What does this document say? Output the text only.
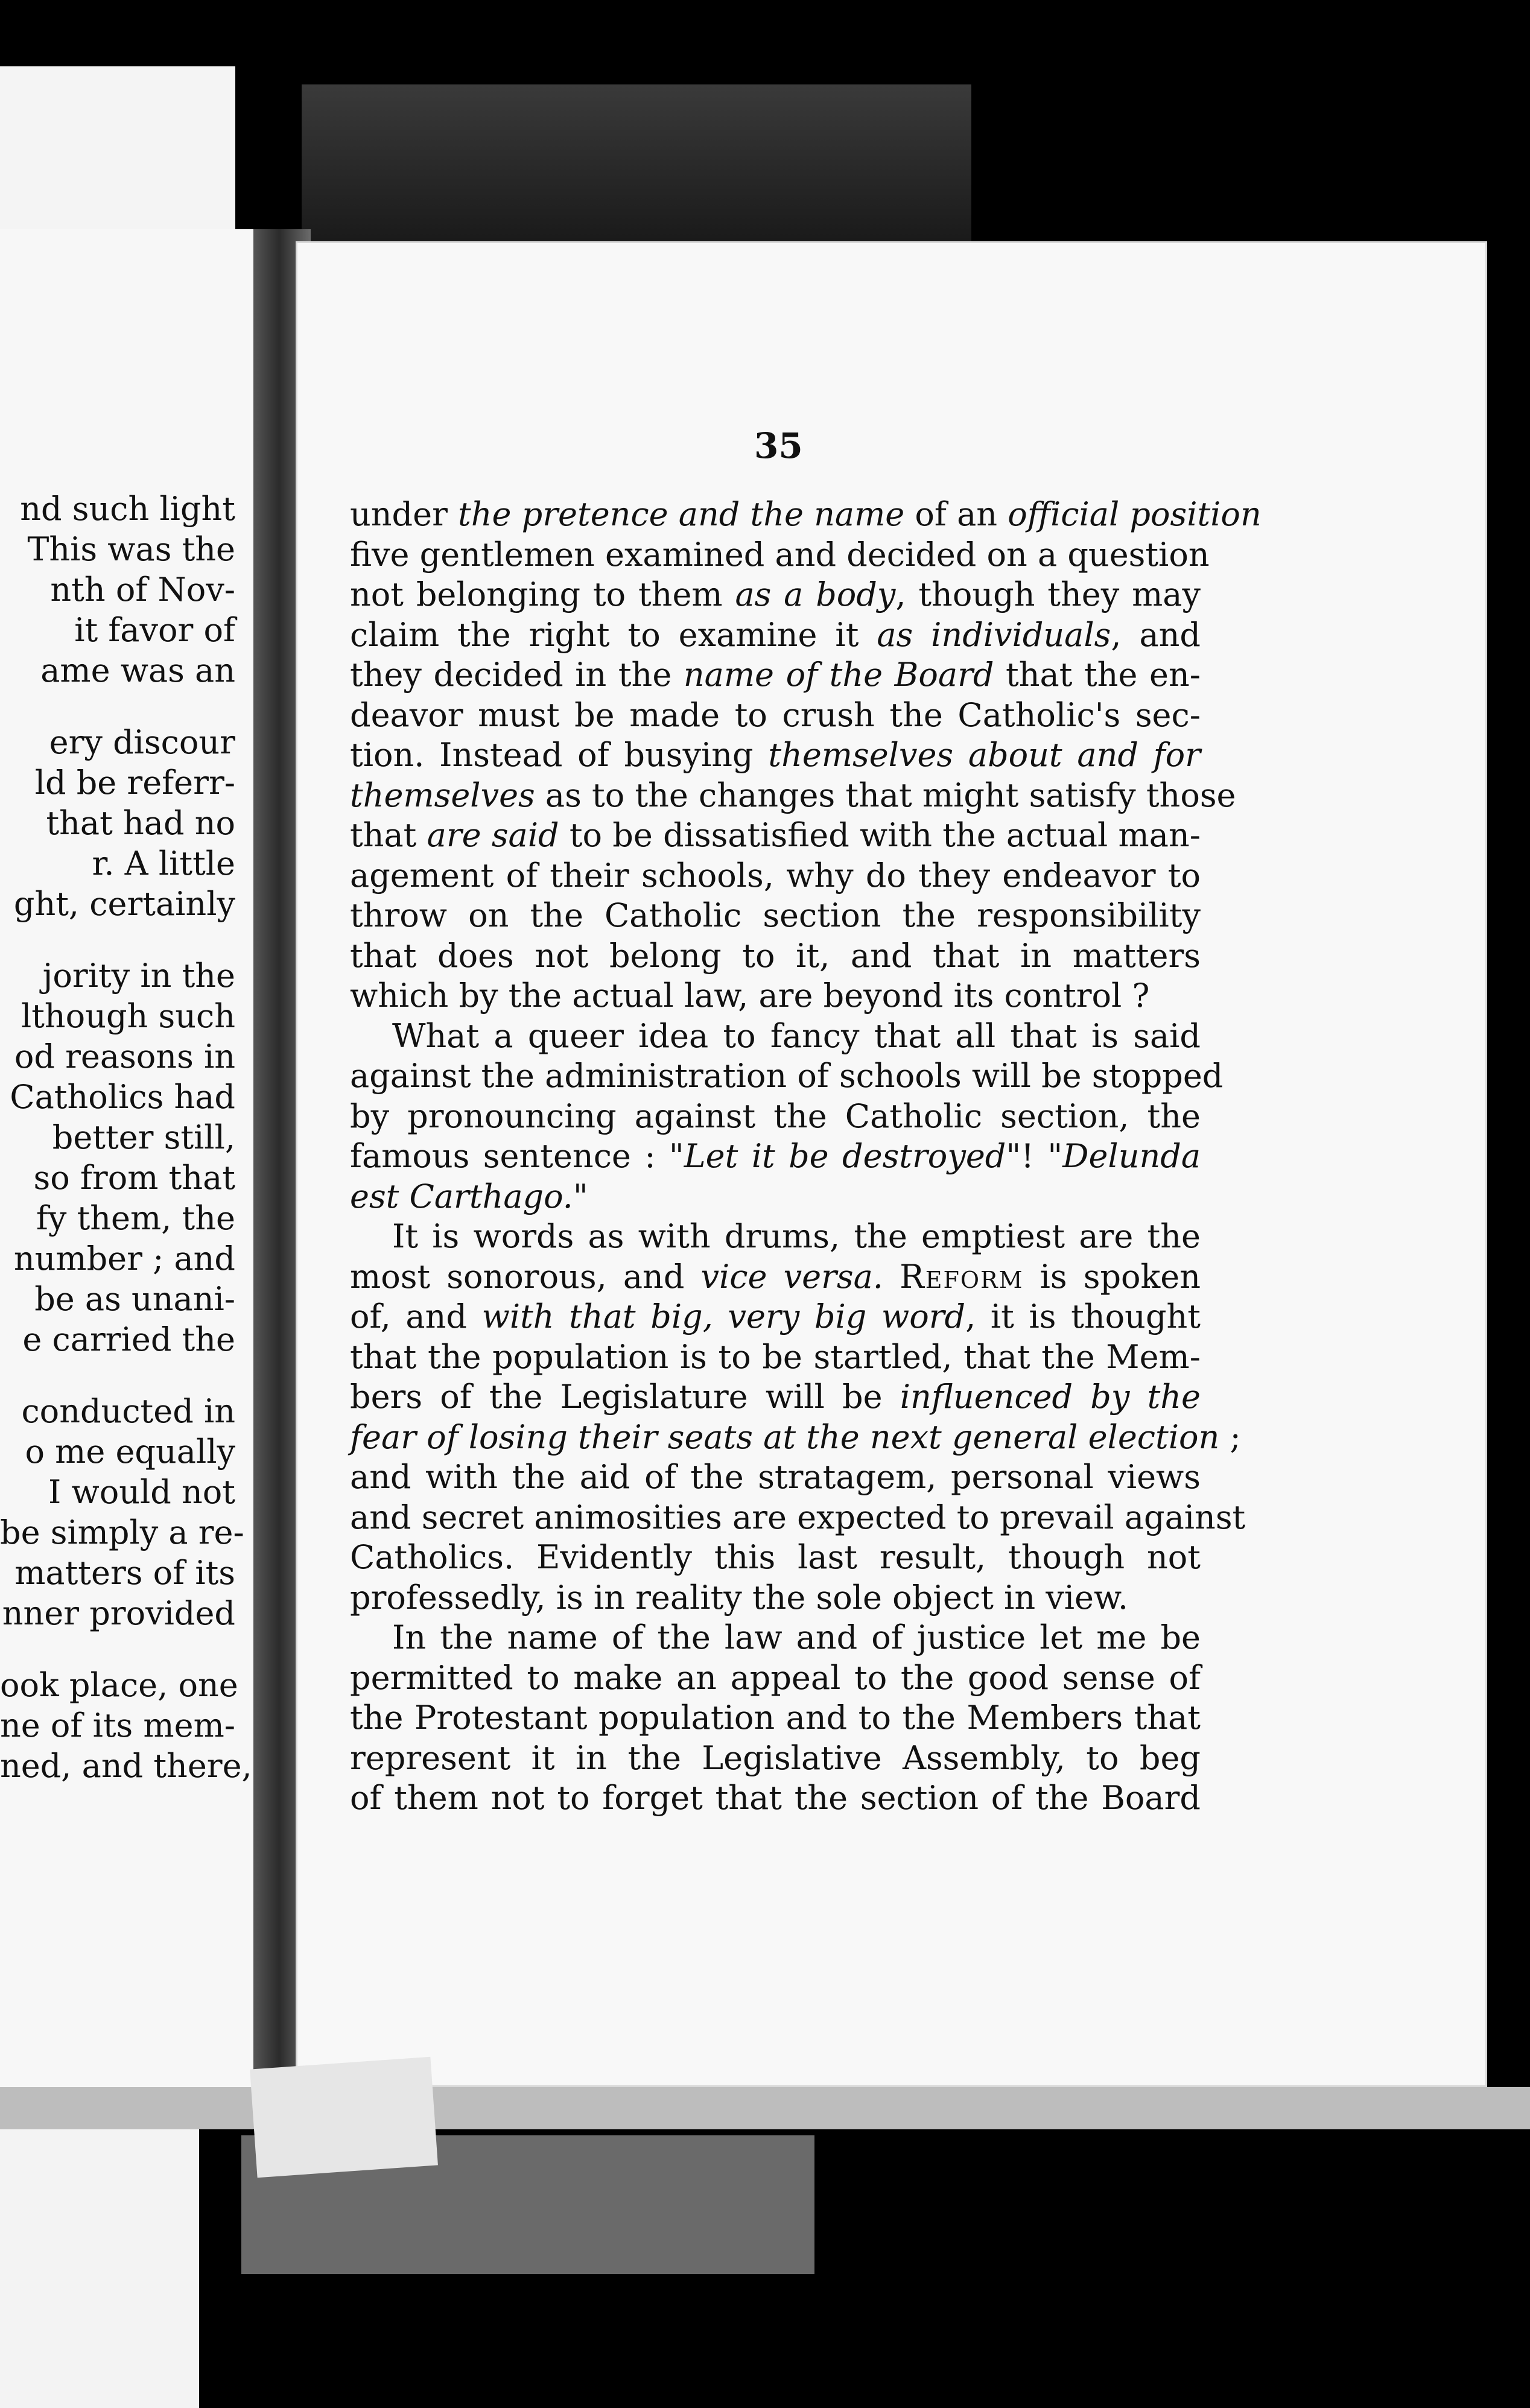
nd such light
This was the
nth of Nov-
it favor of
ame was an
ery discour
ld be referr-
that had no
r. A little
ght, certainly
jority in the
lthough such
od reasons in
Catholics had
better still,
so from that
fy them, the
number ; and
be as unani-
e carried the
conducted in
o me equally
I would not
be simply a re-
matters of its
nner provided
ook place, one
ne of its mem-
ned, and there,
35
under the pretence and the name of an official position
five gentlemen examined and decided on a question
not belonging to them as a body, though they may
claim the right to examine it as individuals, and
they decided in the name of the Board that the en-
deavor must be made to crush the Catholic's sec-
tion. Instead of busying themselves about and for
themselves as to the changes that might satisfy those
that are said to be dissatisfied with the actual man-
agement of their schools, why do they endeavor to
throw on the Catholic section the responsibility
that does not belong to it, and that in matters
which by the actual law, are beyond its control ?
What a queer idea to fancy that all that is said
against the administration of schools will be stopped
by pronouncing against the Catholic section, the
famous sentence : "Let it be destroyed"! "Delunda
est Carthago."
It is words as with drums, the emptiest are the
most sonorous, and vice versa. Reform is spoken
of, and with that big, very big word, it is thought
that the population is to be startled, that the Mem-
bers of the Legislature will be influenced by the
fear of losing their seats at the next general election ;
and with the aid of the stratagem, personal views
and secret animosities are expected to prevail against
Catholics. Evidently this last result, though not
professedly, is in reality the sole object in view.
In the name of the law and of justice let me be
permitted to make an appeal to the good sense of
the Protestant population and to the Members that
represent it in the Legislative Assembly, to beg
of them not to forget that the section of the Board
